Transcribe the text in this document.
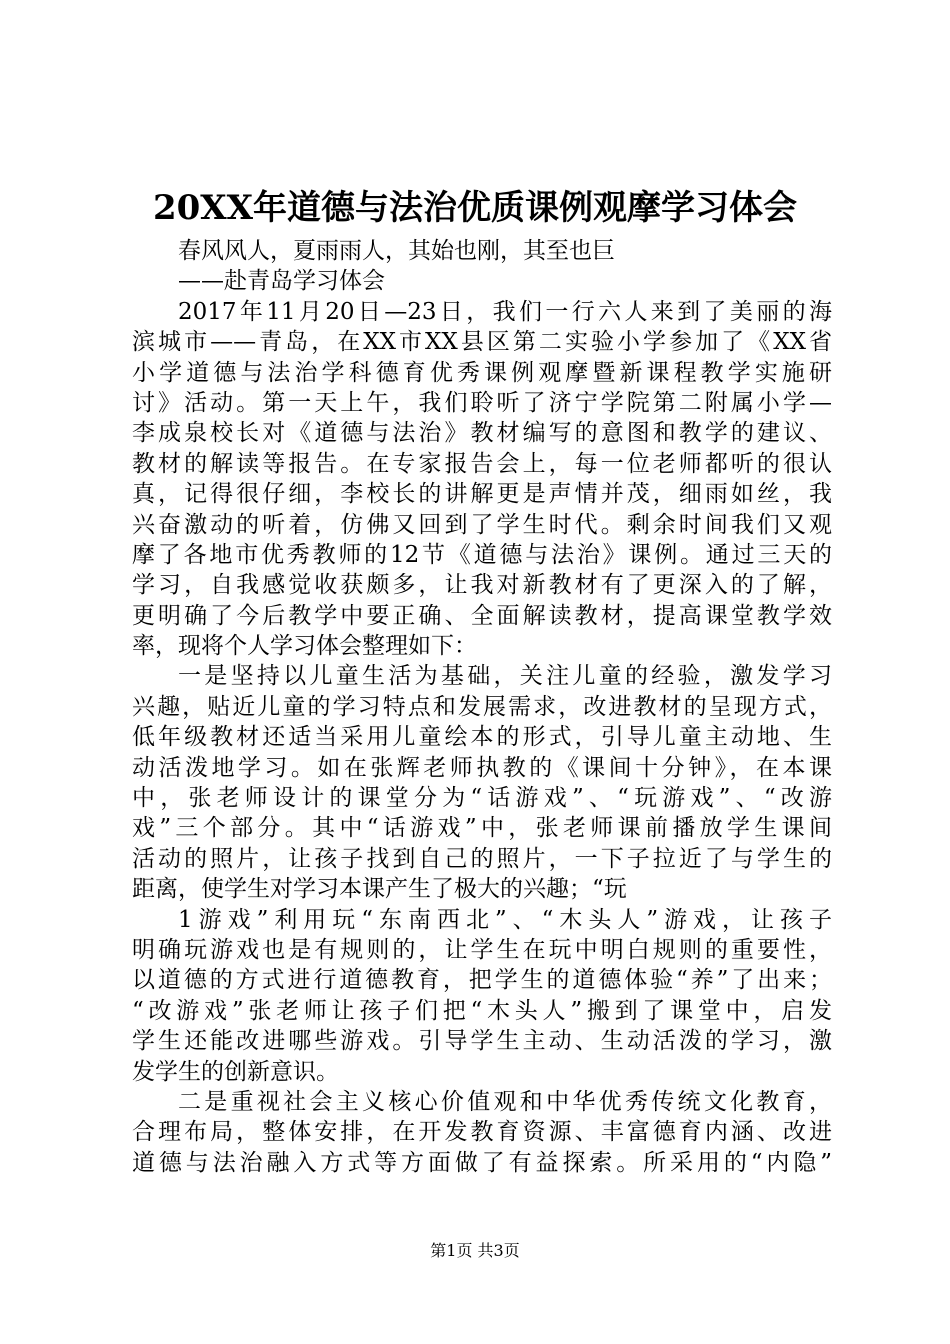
20XX年道德与法治优质课例观摩学习体会
春风风人，夏雨雨人，其始也刚，其至也巨
——赴青岛学习体会
2017年11月20日—23日，我们一行六人来到了美丽的海
滨城市——青岛，在XX市XX县区第二实验小学参加了《XX省
小学道德与法治学科德育优秀课例观摩暨新课程教学实施研
讨》活动。第一天上午，我们聆听了济宁学院第二附属小学—
李成泉校长对《道德与法治》教材编写的意图和教学的建议、
教材的解读等报告。在专家报告会上，每一位老师都听的很认
真，记得很仔细，李校长的讲解更是声情并茂，细雨如丝，我
兴奋激动的听着，仿佛又回到了学生时代。剩余时间我们又观
摩了各地市优秀教师的12节《道德与法治》课例。通过三天的
学习，自我感觉收获颇多，让我对新教材有了更深入的了解，
更明确了今后教学中要正确、全面解读教材，提高课堂教学效
率，现将个人学习体会整理如下：
一是坚持以儿童生活为基础，关注儿童的经验，激发学习
兴趣，贴近儿童的学习特点和发展需求，改进教材的呈现方式，
低年级教材还适当采用儿童绘本的形式，引导儿童主动地、生
动活泼地学习。如在张辉老师执教的《课间十分钟》，在本课
中，张老师设计的课堂分为“话游戏”、“玩游戏”、“改游
戏”三个部分。其中“话游戏”中，张老师课前播放学生课间
活动的照片，让孩子找到自己的照片，一下子拉近了与学生的
距离，使学生对学习本课产生了极大的兴趣；“玩
1游戏”利用玩“东南西北”、“木头人”游戏，让孩子
明确玩游戏也是有规则的，让学生在玩中明白规则的重要性，
以道德的方式进行道德教育，把学生的道德体验“养”了出来；
“改游戏”张老师让孩子们把“木头人”搬到了课堂中，启发
学生还能改进哪些游戏。引导学生主动、生动活泼的学习，激
发学生的创新意识。
二是重视社会主义核心价值观和中华优秀传统文化教育，
合理布局，整体安排，在开发教育资源、丰富德育内涵、改进
道德与法治融入方式等方面做了有益探索。所采用的“内隐”
第1页 共3页
